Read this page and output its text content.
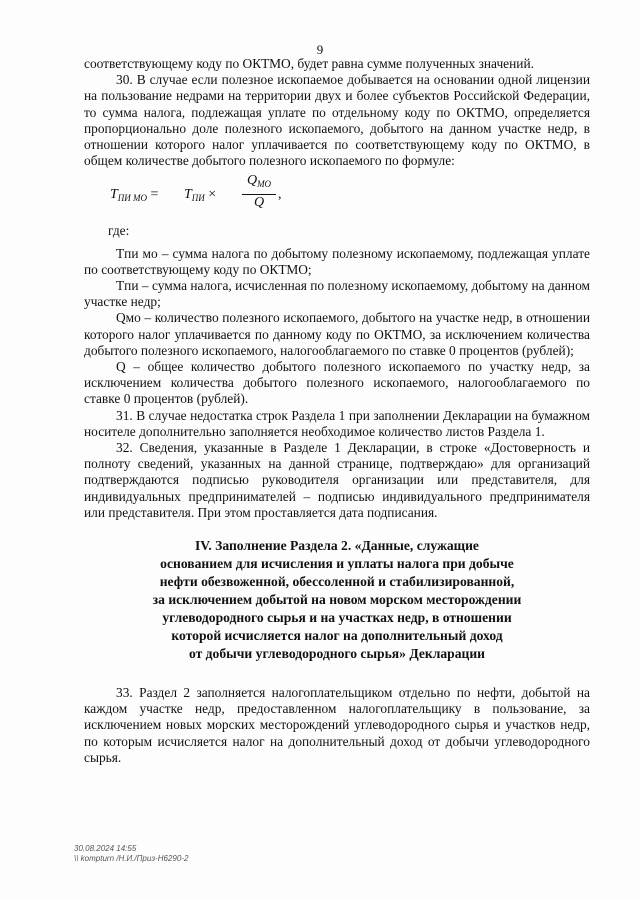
9

соответствующему коду по ОКТМО, будет равна сумме полученных значений.

30. В случае если полезное ископаемое добывается на основании одной лицензии на пользование недрами на территории двух и более субъектов Российской Федерации, то сумма налога, подлежащая уплате по отдельному коду по ОКТМО, определяется пропорционально доле полезного ископаемого, добытого на данном участке недр, в отношении которого налог уплачивается по соответствующему коду по ОКТМО, в общем количестве добытого полезного ископаемого по формуле:

$T_{ПИ МО} = T_{ПИ}$ ×
$Q_{МО}$
Q ,

где:

Tпи мо – сумма налога по добытому полезному ископаемому, подлежащая уплате по соответствующему коду по ОКТМО;

Tпи – сумма налога, исчисленная по полезному ископаемому, добытому на данном участке недр;

Qмо – количество полезного ископаемого, добытого на участке недр, в отношении которого налог уплачивается по данному коду по ОКТМО, за исключением количества добытого полезного ископаемого, налогооблагаемого по ставке 0 процентов (рублей);

Q – общее количество добытого полезного ископаемого по участку недр, за исключением количества добытого полезного ископаемого, налогооблагаемого по ставке 0 процентов (рублей).

31. В случае недостатка строк Раздела 1 при заполнении Декларации на бумажном носителе дополнительно заполняется необходимое количество листов Раздела 1.

32. Сведения, указанные в Разделе 1 Декларации, в строке «Достоверность и полноту сведений, указанных на данной странице, подтверждаю» для организаций подтверждаются подписью руководителя организации или представителя, для индивидуальных предпринимателей – подписью индивидуального предпринимателя или представителя. При этом проставляется дата подписания.

IV. Заполнение Раздела 2. «Данные, служащие
основанием для исчисления и уплаты налога при добыче
нефти обезвоженной, обессоленной и стабилизированной,
за исключением добытой на новом морском месторождении
углеводородного сырья и на участках недр, в отношении
которой исчисляется налог на дополнительный доход
от добычи углеводородного сырья» Декларации

33. Раздел 2 заполняется налогоплательщиком отдельно по нефти, добытой на каждом участке недр, предоставленном налогоплательщику в пользование, за исключением новых морских месторождений углеводородного сырья и участков недр, по которым исчисляется налог на дополнительный доход от добычи углеводородного сырья.

30.08.2024 14:55
\\ kompturn /Н.И./Приз-Н6290-2
